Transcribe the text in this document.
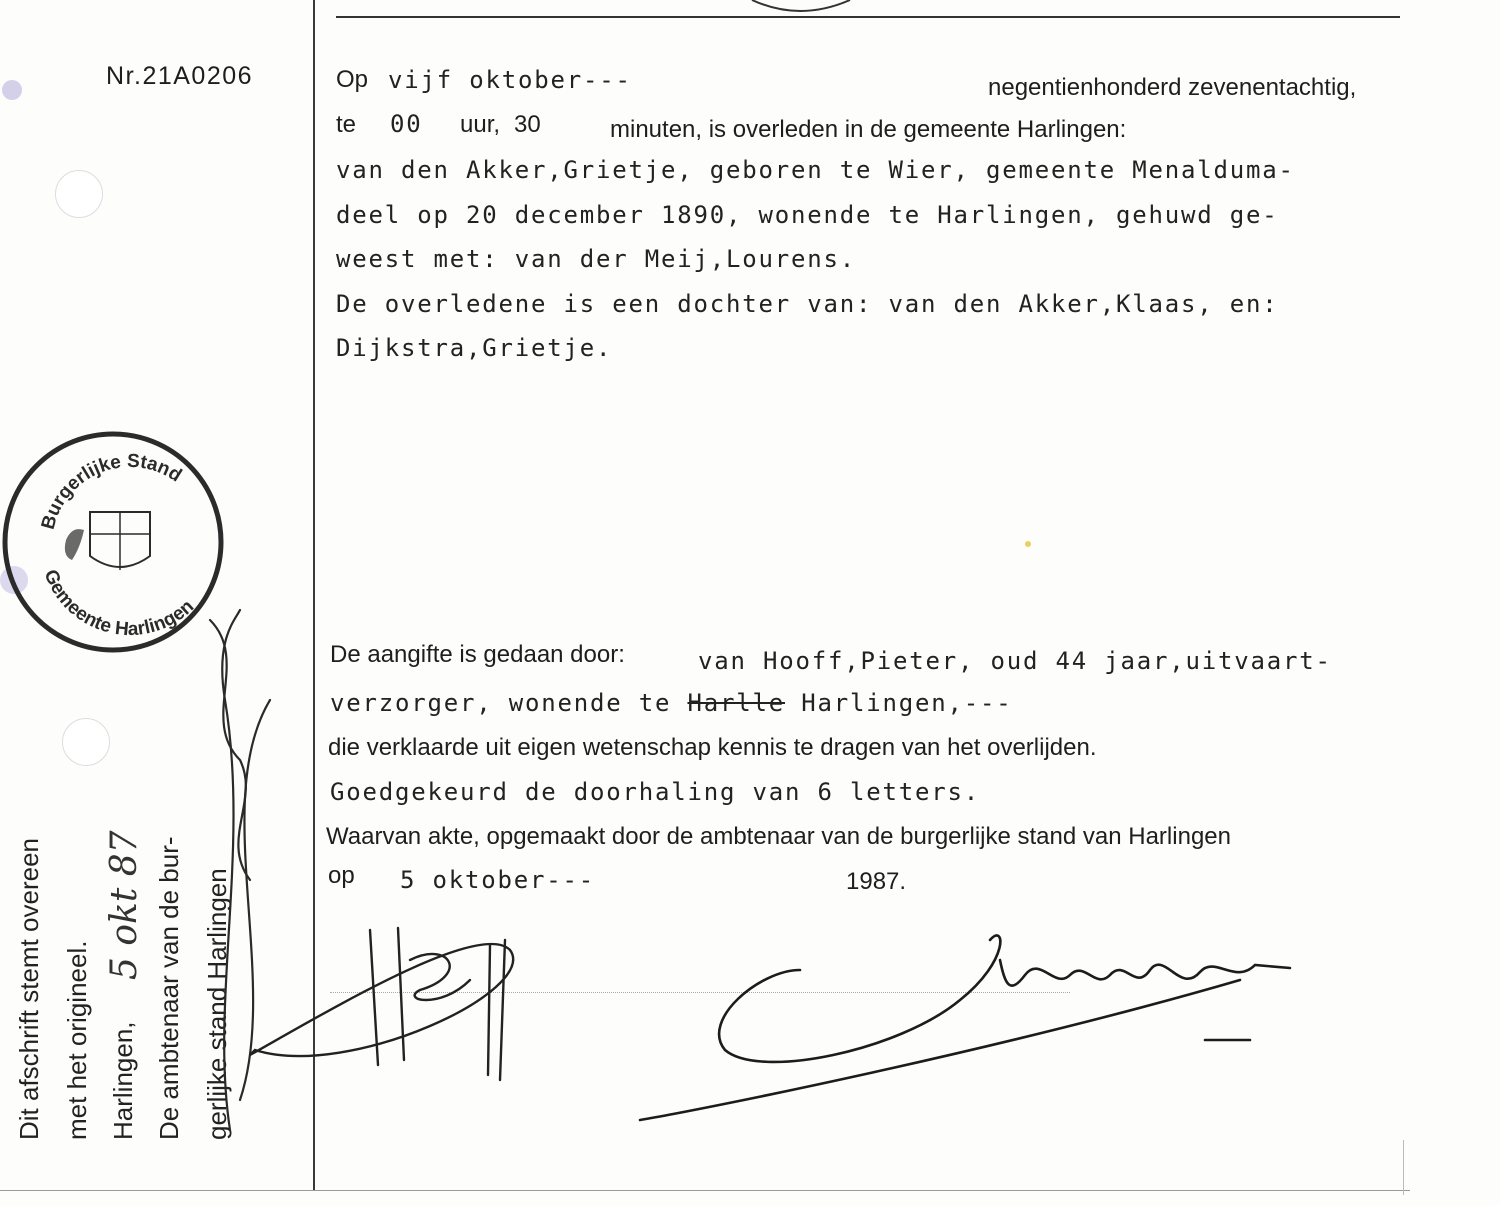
Nr.21A0206	Op vijf oktober---	negentienhonderd zevenentachtig,
te 00 uur, 30	minuten, is overleden in de gemeente Harlingen:
van den Akker,Grietje, geboren te Wier, gemeente Menalduma-
deel op 20 december 1890, wonende te Harlingen, gehuwd ge-
weest met: van der Meij,Lourens.
De overledene is een dochter van: van den Akker,Klaas, en:
Dijkstra,Grietje.
De aangifte is gedaan door:	van Hooff,Pieter, oud 44 jaar,uitvaart-
verzorger, wonende te Harlle Harlingen,---
die verklaarde uit eigen wetenschap kennis te dragen van het overlijden.
Goedgekeurd de doorhaling van 6 letters.
Waarvan akte, opgemaakt door de ambtenaar van de burgerlijke stand van Harlingen
op 5 oktober---	1987.
Dit afschrift stemt overeen met het origineel. Harlingen,
5 okt 87 De ambtenaar van de bur- gerlijke stand Harlingen
Burgerlijke Stand
Gemeente Harlingen
